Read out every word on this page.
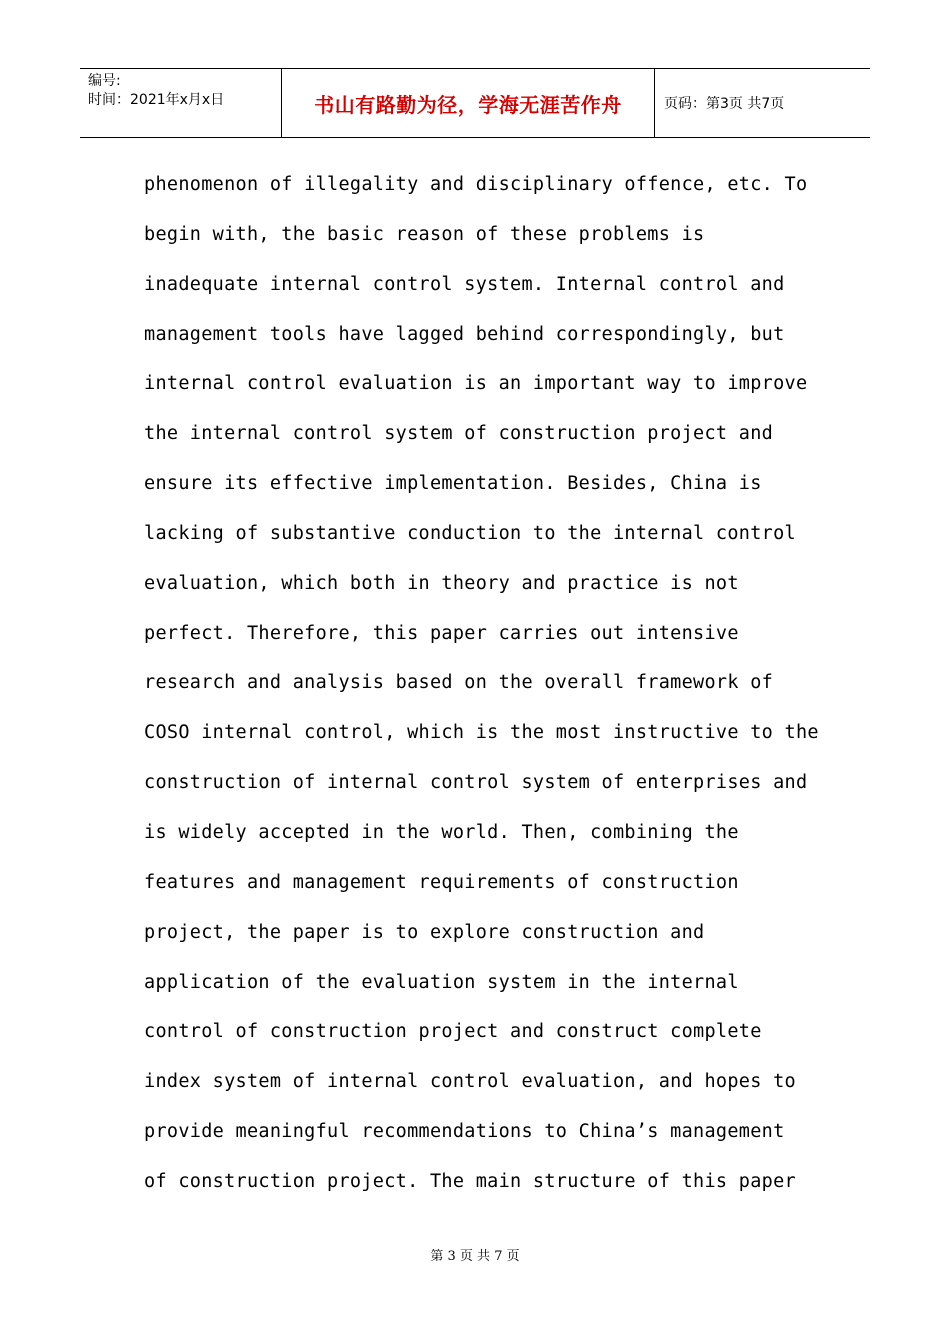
编号:
时间：2021年x月x日	书山有路勤为径，学海无涯苦作舟	页码：第3页 共7页
phenomenon of illegality and disciplinary offence, etc. To
begin with, the basic reason of these problems is
inadequate internal control system. Internal control and
management tools have lagged behind correspondingly, but
internal control evaluation is an important way to improve
the internal control system of construction project and
ensure its effective implementation. Besides, China is
lacking of substantive conduction to the internal control
evaluation, which both in theory and practice is not
perfect. Therefore, this paper carries out intensive
research and analysis based on the overall framework of
COSO internal control, which is the most instructive to the
construction of internal control system of enterprises and
is widely accepted in the world. Then, combining the
features and management requirements of construction
project, the paper is to explore construction and
application of the evaluation system in the internal
control of construction project and construct complete
index system of internal control evaluation, and hopes to
provide meaningful recommendations to China’s management
of construction project. The main structure of this paper
第 3 页 共 7 页
